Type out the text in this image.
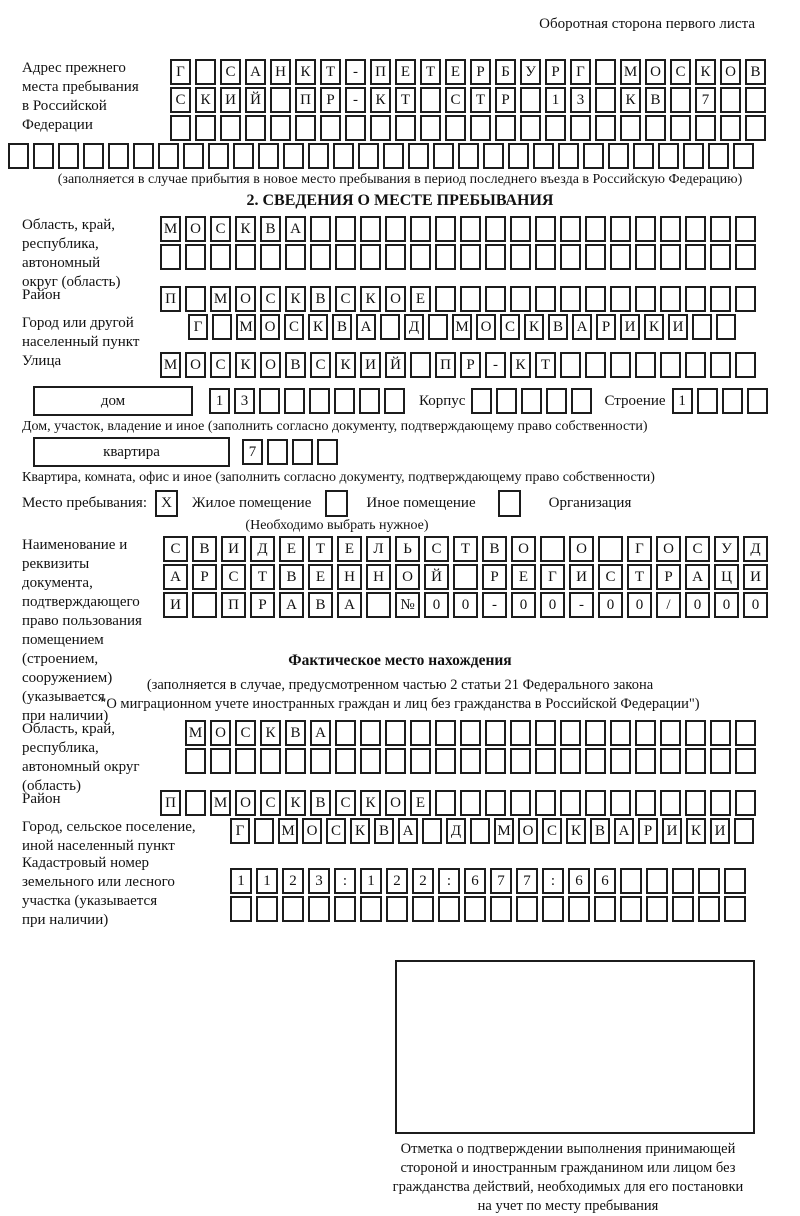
Оборотная сторона первого листа
Адрес прежнего
места пребывания
в Российской
Федерации
Г	С А Н К	Т	-	П Е	Т	Е	Р	Б	У	Р	Г	М О С К О В
С К И Й	П	Р	-	К	Т	С	Т	Р	1	3	К В	7
(заполняется в случае прибытия в новое место пребывания в период последнего въезда в Российскую Федерацию)
2. СВЕДЕНИЯ О МЕСТЕ ПРЕБЫВАНИЯ
Область, край,
республика,
автономный
округ (область)
М О С К В А
Район	П	М О С К В С К О Е
Город или другой
населенный пункт
Г	М О С К В А	Д	М О С К В А Р И К И
Улица	М О С К О В С К И Й	П	Р	-	К	Т
дом	1	3	Корпус	Строение 1
Дом, участок, владение и иное (заполнить согласно документу, подтверждающему право собственности)
квартира	7
Квартира, комната, офис и иное (заполнить согласно документу, подтверждающему право собственности)
Место пребывания: X	Жилое помещение	Иное помещение	Организация
(Необходимо выбрать нужное)
Наименование и реквизиты
документа, подтверждающего
право пользования
помещением (строением,
сооружением) (указывается
при наличии)
С	В	И	Д	Е	Т	Е	Л	Ь	С	Т	В	О	О	Г	О	С	У	Д
А	Р	С	Т	В	Е	Н	Н	О	Й	Р	Е	Г	И	С	Т	Р	А	Ц	И
И	П	Р	А	В	А	№	0	0	-	0	0	-	0	0	/	0	0	0
Фактическое место нахождения
(заполняется в случае, предусмотренном частью 2 статьи 21 Федерального закона
"О миграционном учете иностранных граждан и лиц без гражданства в Российской Федерации")
Область, край,
республика,
автономный округ
(область)
М О С К В А
Район	П	М О С К В С К О Е
Город, сельское поселение,
иной населенный пункт
Г	М О С К В А	Д	М О С К В А Р И К И
Кадастровый номер
земельного или лесного
участка (указывается
при наличии)
1	1	2	3	:	1	2	2	:	6	7	7	:	6	6
Отметка о подтверждении выполнения принимающей
стороной и иностранным гражданином или лицом без
гражданства действий, необходимых для его постановки
на учет по месту пребывания
